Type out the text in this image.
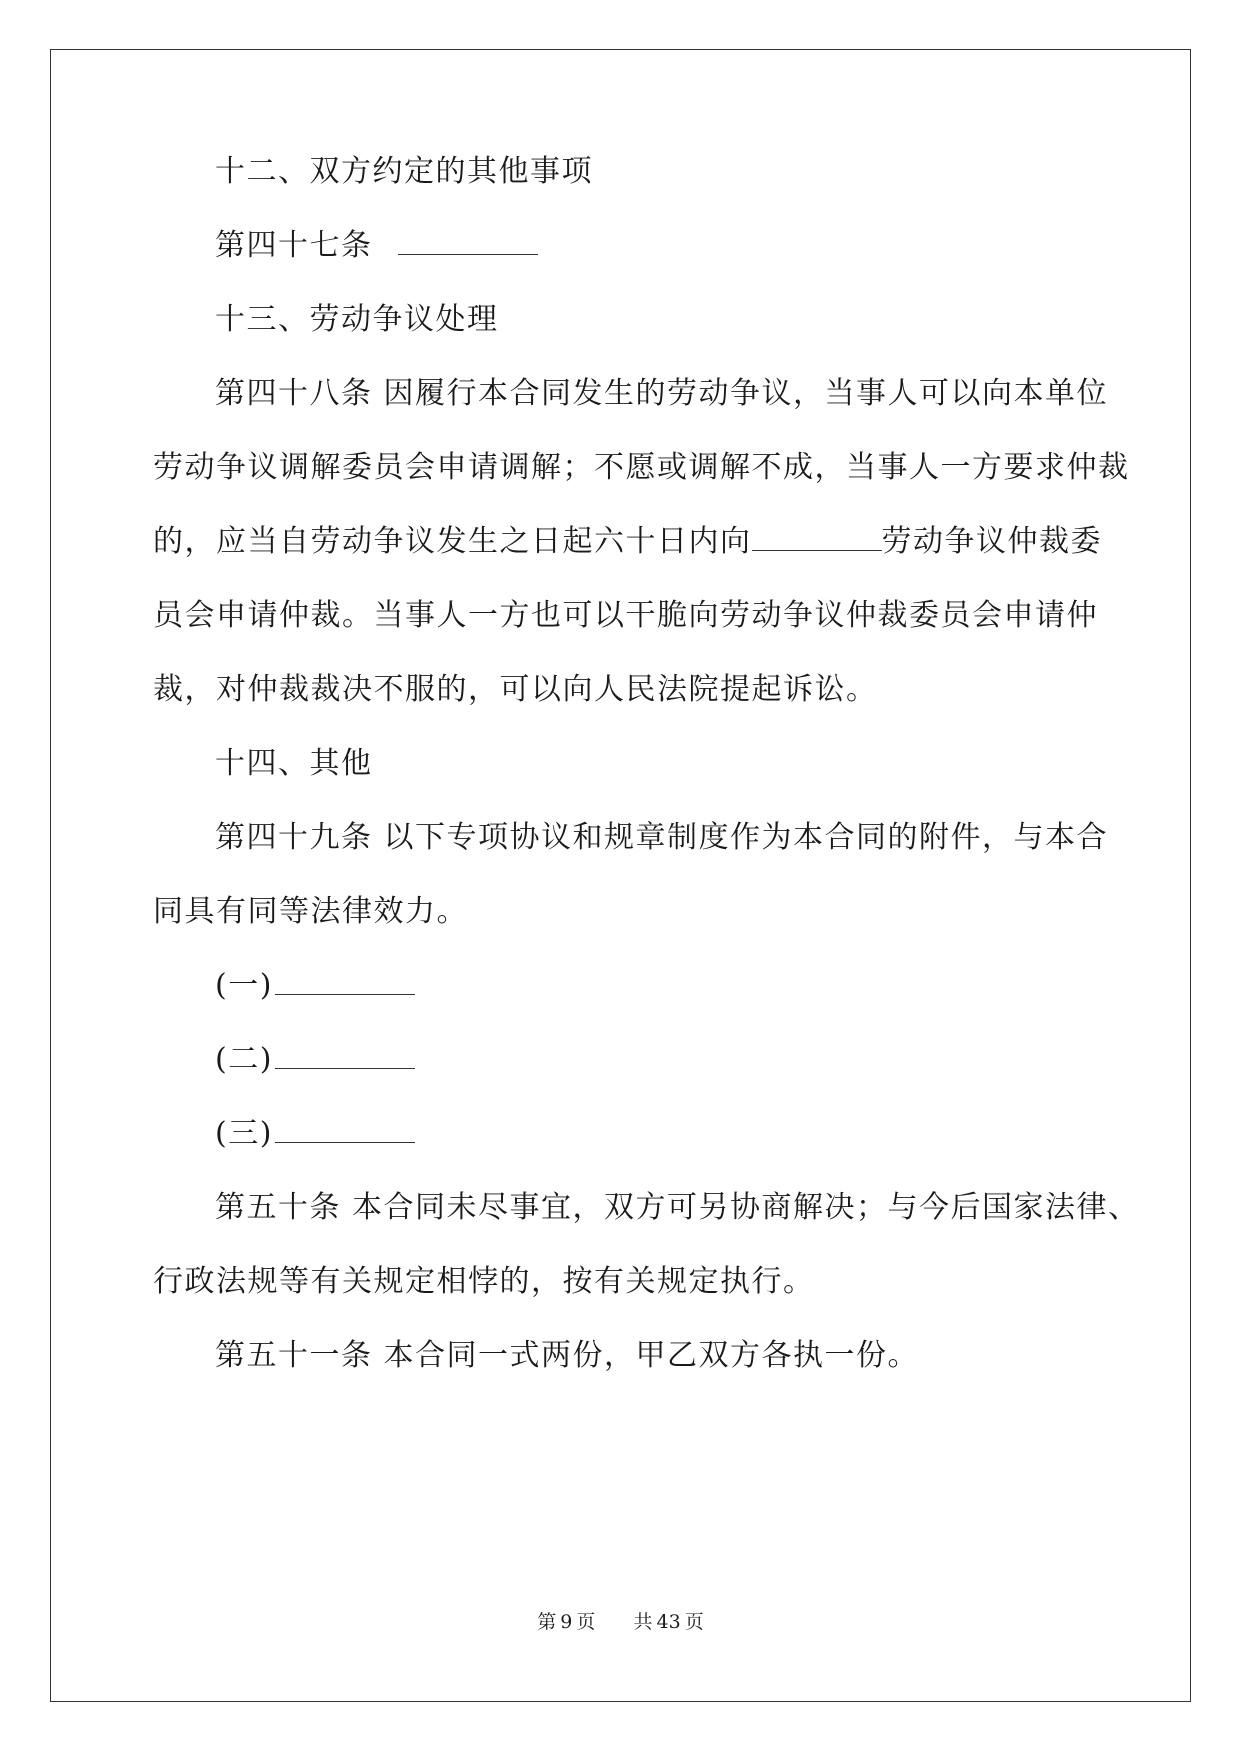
十二、双方约定的其他事项
第四十七条
十三、劳动争议处理
第四十八条 因履行本合同发生的劳动争议，当事人可以向本单位
劳动争议调解委员会申请调解；不愿或调解不成，当事人一方要求仲裁
的，应当自劳动争议发生之日起六十日内向	劳动争议仲裁委
员会申请仲裁。当事人一方也可以干脆向劳动争议仲裁委员会申请仲
裁，对仲裁裁决不服的，可以向人民法院提起诉讼。
十四、其他
第四十九条 以下专项协议和规章制度作为本合同的附件，与本合
同具有同等法律效力。
(一)
(二)
(三)
第五十条 本合同未尽事宜，双方可另协商解决；与今后国家法律、
行政法规等有关规定相悖的，按有关规定执行。
第五十一条 本合同一式两份，甲乙双方各执一份。
第 9 页 共 43 页
